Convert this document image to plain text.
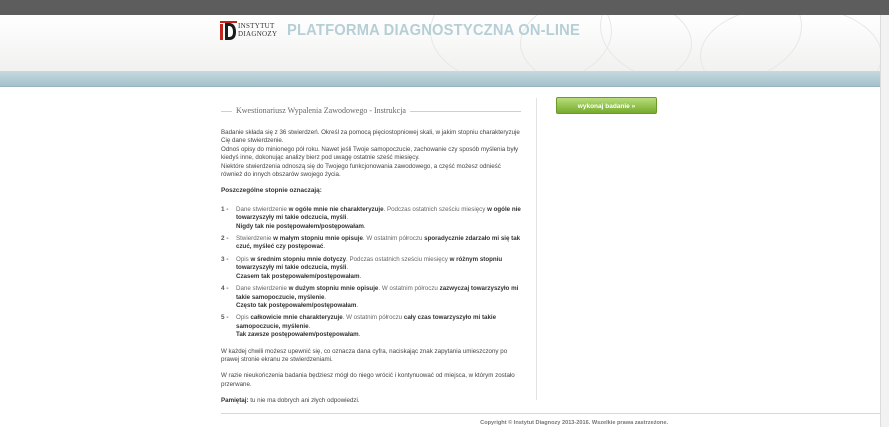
INSTYTUT
DIAGNOZY PLATFORMA DIAGNOSTYCZNA ON-LINE
Kwestionariusz Wypalenia Zawodowego - Instrukcja

Badanie składa się z 36 stwierdzeń. Określ za pomocą pięciostopniowej skali, w jakim stopniu charakteryzuje Cię dane stwierdzenie.

Odnoś opisy do minionego pół roku. Nawet jeśli Twoje samopoczucie, zachowanie czy sposób myślenia były kiedyś inne, dokonując analizy bierz pod uwagę ostatnie sześć miesięcy.

Niektóre stwierdzenia odnoszą się do Twojego funkcjonowania zawodowego, a część możesz odnieść również do innych obszarów swojego życia.

Poszczególne stopnie oznaczają:

1 - Dane stwierdzenie w ogóle mnie nie charakteryzuje. Podczas ostatnich sześciu miesięcy w ogóle nie towarzyszyły mi takie odczucia, myśli.

Nigdy tak nie postępowałem/postępowałam.

2 - Stwierdzenie w małym stopniu mnie opisuje. W ostatnim półroczu sporadycznie zdarzało mi się tak czuć, myśleć czy postępować.

3 - Opis w średnim stopniu mnie dotyczy. Podczas ostatnich sześciu miesięcy w różnym stopniu towarzyszyły mi takie odczucia, myśli.

Czasem tak postępowałem/postępowałam.

4 - Dane stwierdzenie w dużym stopniu mnie opisuje. W ostatnim półroczu zazwyczaj towarzyszyło mi takie samopoczucie, myślenie.

Często tak postępowałem/postępowałam.

5 - Opis całkowicie mnie charakteryzuje. W ostatnim półroczu cały czas towarzyszyło mi takie samopoczucie, myślenie.

Tak zawsze postępowałem/postępowałam.

W każdej chwili możesz upewnić się, co oznacza dana cyfra, naciskając znak zapytania umieszczony po prawej stronie ekranu ze stwierdzeniami.

W razie nieukończenia badania będziesz mógł do niego wrócić i kontynuować od miejsca, w którym zostało przerwane.

Pamiętaj: tu nie ma dobrych ani złych odpowiedzi.

wykonaj badanie »
Copyright © Instytut Diagnozy 2013-2016. Wszelkie prawa zastrzeżone.
